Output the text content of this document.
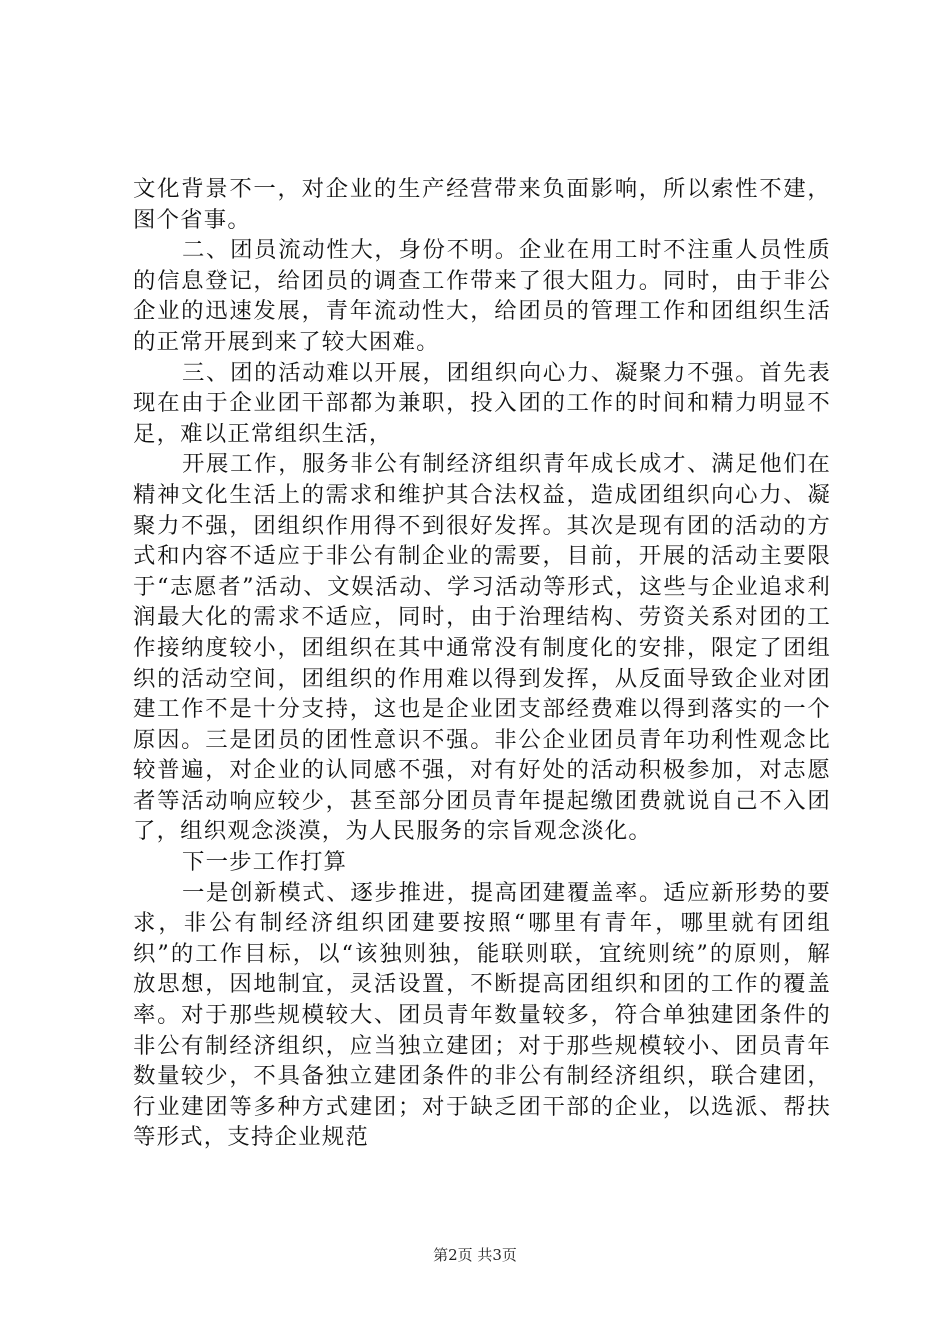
文化背景不一，对企业的生产经营带来负面影响，所以索性不建，图个省事。

二、团员流动性大，身份不明。企业在用工时不注重人员性质的信息登记，给团员的调查工作带来了很大阻力。同时，由于非公企业的迅速发展，青年流动性大，给团员的管理工作和团组织生活的正常开展到来了较大困难。

三、团的活动难以开展，团组织向心力、凝聚力不强。首先表现在由于企业团干部都为兼职，投入团的工作的时间和精力明显不足，难以正常组织生活，

开展工作，服务非公有制经济组织青年成长成才、满足他们在精神文化生活上的需求和维护其合法权益，造成团组织向心力、凝聚力不强，团组织作用得不到很好发挥。其次是现有团的活动的方式和内容不适应于非公有制企业的需要，目前，开展的活动主要限于“志愿者”活动、文娱活动、学习活动等形式，这些与企业追求利润最大化的需求不适应，同时，由于治理结构、劳资关系对团的工作接纳度较小，团组织在其中通常没有制度化的安排，限定了团组织的活动空间，团组织的作用难以得到发挥，从反面导致企业对团建工作不是十分支持，这也是企业团支部经费难以得到落实的一个原因。三是团员的团性意识不强。非公企业团员青年功利性观念比较普遍，对企业的认同感不强，对有好处的活动积极参加，对志愿者等活动响应较少，甚至部分团员青年提起缴团费就说自己不入团了，组织观念淡漠，为人民服务的宗旨观念淡化。

下一步工作打算

一是创新模式、逐步推进，提高团建覆盖率。适应新形势的要求，非公有制经济组织团建要按照“哪里有青年，哪里就有团组织”的工作目标，以“该独则独，能联则联，宜统则统”的原则，解放思想，因地制宜，灵活设置，不断提高团组织和团的工作的覆盖率。对于那些规模较大、团员青年数量较多，符合单独建团条件的非公有制经济组织，应当独立建团；对于那些规模较小、团员青年数量较少，不具备独立建团条件的非公有制经济组织，联合建团，行业建团等多种方式建团；对于缺乏团干部的企业，以选派、帮扶等形式，支持企业规范

第2页 共3页
